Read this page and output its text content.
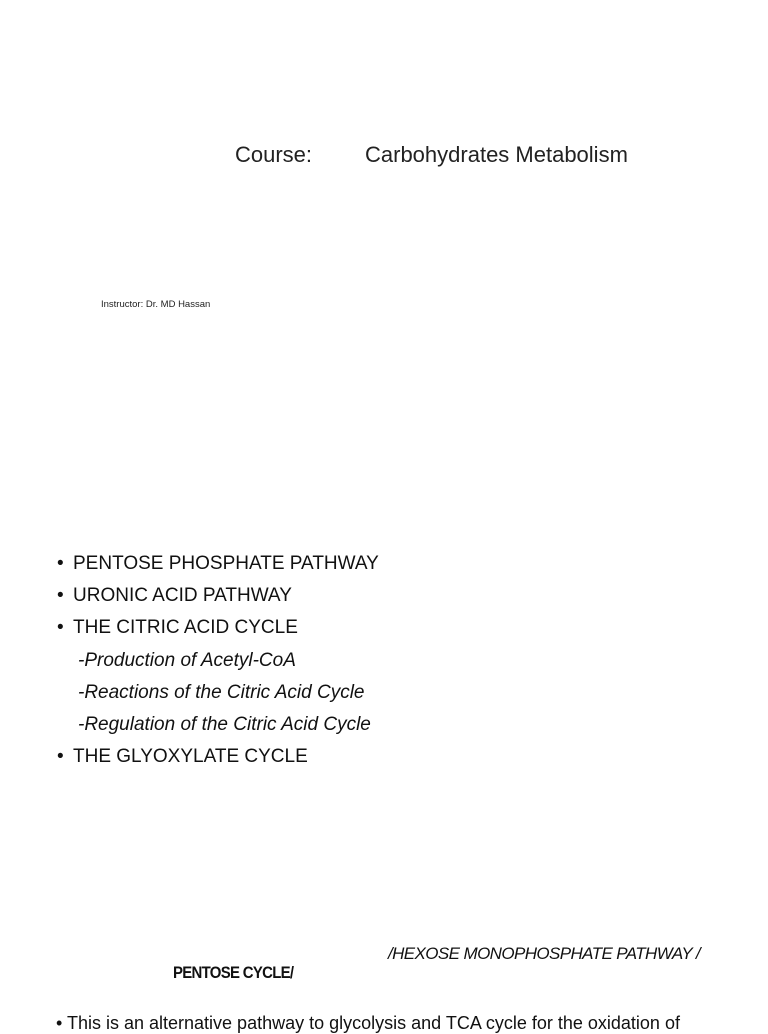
Course: Carbohydrates Metabolism
Instructor: Dr. MD Hassan
• PENTOSE PHOSPHATE PATHWAY
• URONIC ACID PATHWAY
• THE CITRIC ACID CYCLE
-Production of Acetyl-CoA
-Reactions of the Citric Acid Cycle
-Regulation of the Citric Acid Cycle
• THE GLYOXYLATE CYCLE
/HEXOSE MONOPHOSPHATE PATHWAY /
PENTOSE CYCLE/
• This is an alternative pathway to glycolysis and TCA cycle for the oxidation of
